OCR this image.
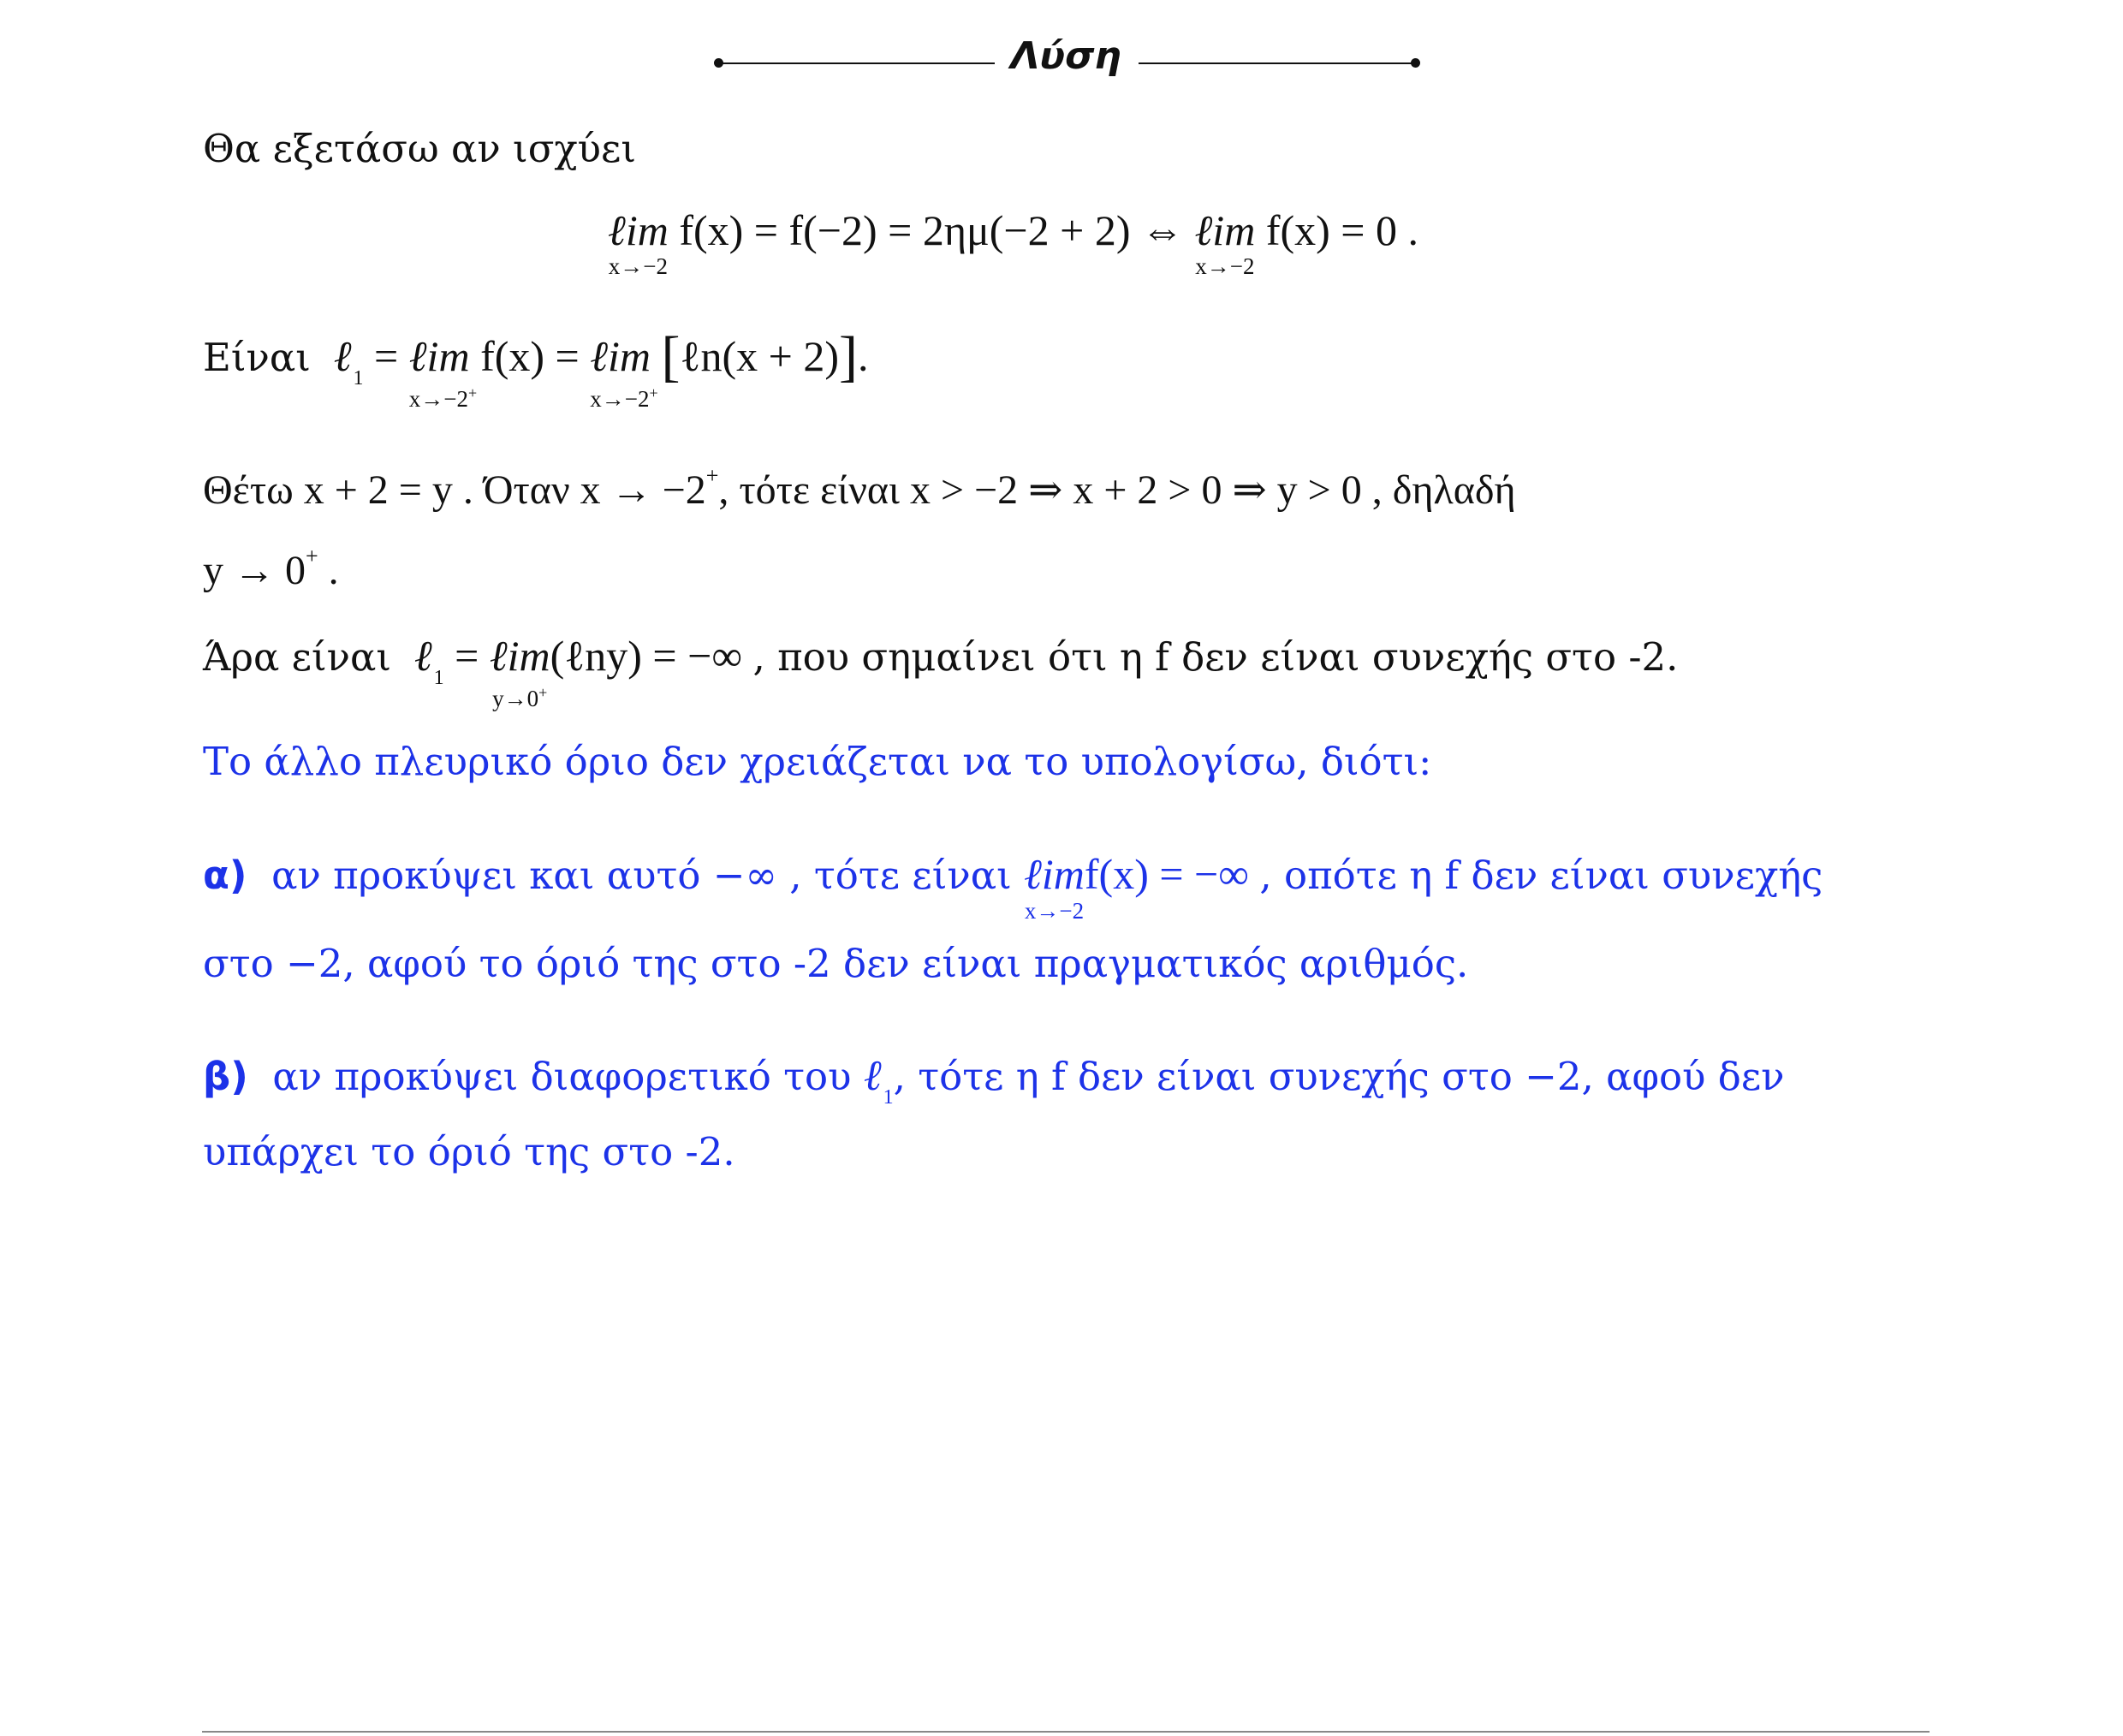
Λύση
Θα εξετάσω αν ισχύει
ℓim
x→−2
f(x) = f(−2) = 2ημ(−2 + 2) ⇔ ℓim
x→−2
f(x) = 0 .
Είναι ℓ$_1$ = ℓim
x→−2+
f(x) = ℓim
x→−2+
[ℓn(x + 2)].
Θέτω x + 2 = y . Όταν x → −2+, τότε είναι x > −2 ⇒ x + 2 > 0 ⇒ y > 0 , δηλαδή
y → 0+ .
Άρα είναι ℓ$_1$ = ℓim
y→0+
(ℓny) = −∞ , που σημαίνει ότι η f δεν είναι συνεχής στο -2.
Το άλλο πλευρικό όριο δεν χρειάζεται να το υπολογίσω, διότι:
α) αν προκύψει και αυτό −∞ , τότε είναι ℓim
x→−2
f(x) = −∞ , οπότε η f δεν είναι συνεχής
στο −2, αφού το όριό της στο -2 δεν είναι πραγματικός αριθμός.
β) αν προκύψει διαφορετικό του ℓ$_1$, τότε η f δεν είναι συνεχής στο −2, αφού δεν
υπάρχει το όριό της στο -2.
